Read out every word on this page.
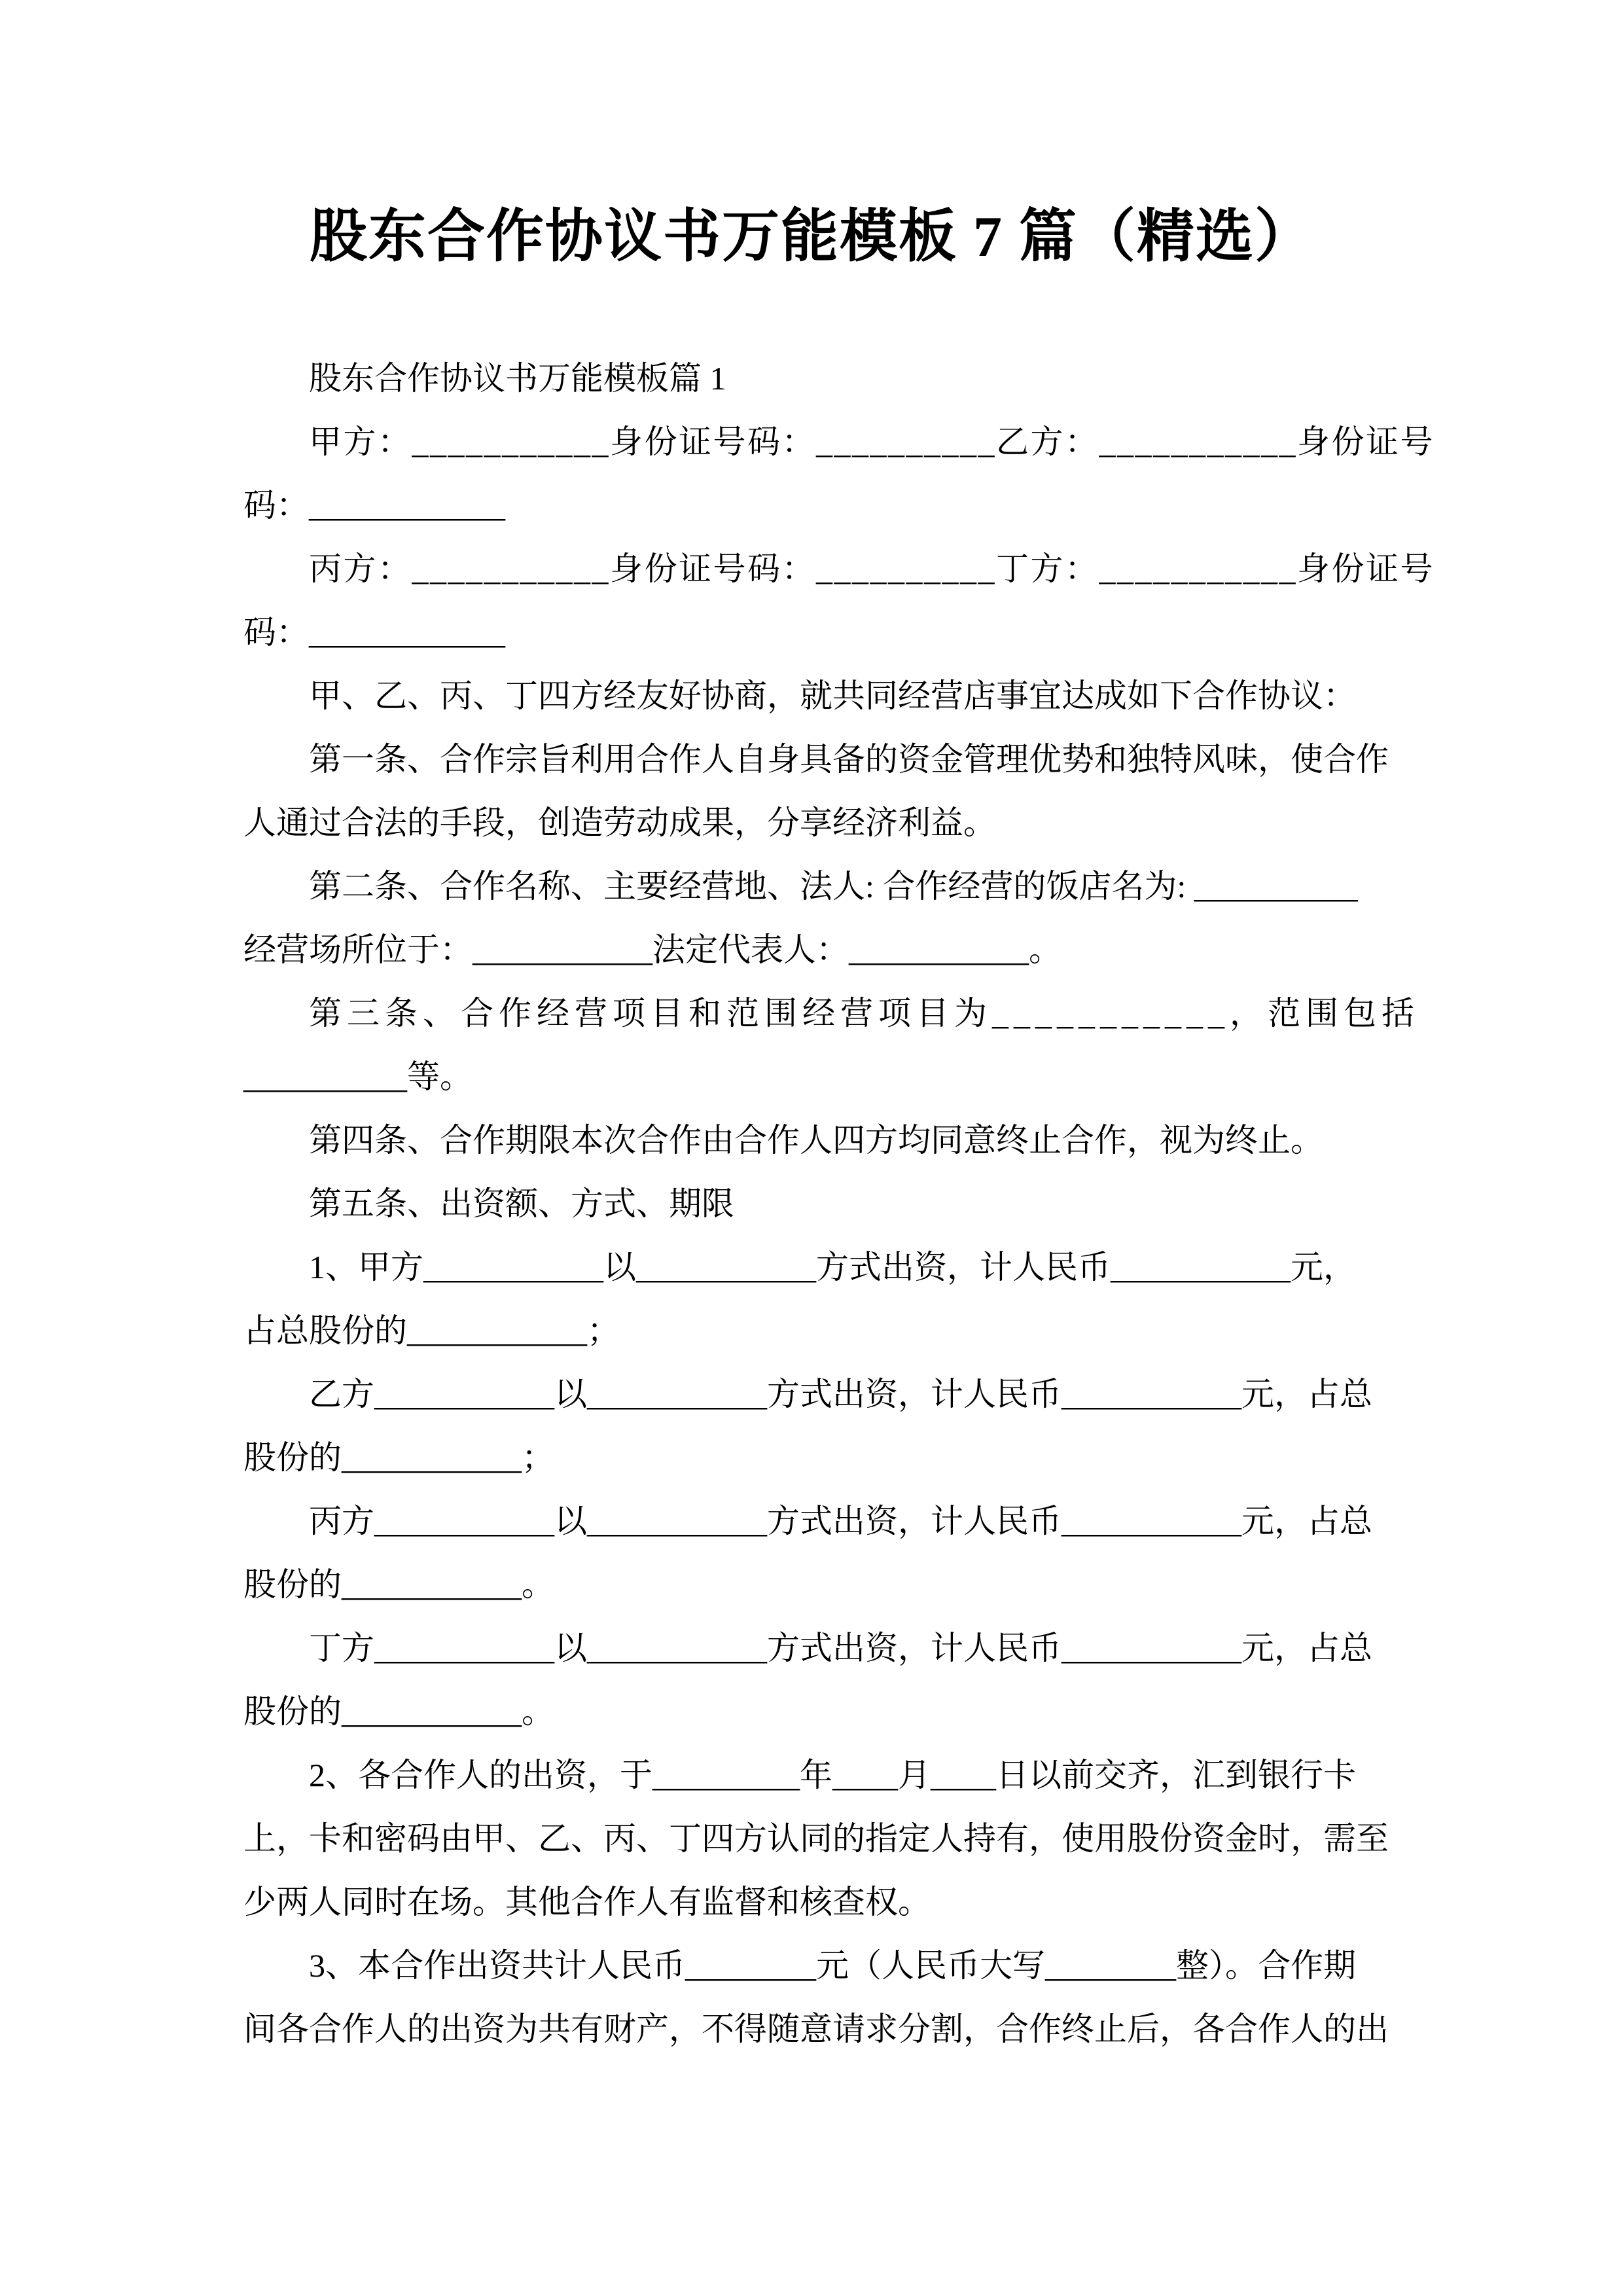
股东合作协议书万能模板 7 篇（精选）
股东合作协议书万能模板篇 1
甲方：___________身份证号码：__________乙方：___________身份证号
码：____________
丙方：___________身份证号码：__________丁方：___________身份证号
码：____________
甲、乙、丙、丁四方经友好协商，就共同经营店事宜达成如下合作协议：
第一条、合作宗旨利用合作人自身具备的资金管理优势和独特风味，使合作
人通过合法的手段，创造劳动成果，分享经济利益。
第二条、合作名称、主要经营地、法人: 合作经营的饭店名为: __________
经营场所位于：___________法定代表人：___________。
第三条、合作经营项目和范围经营项目为___________，范围包括
__________等。
第四条、合作期限本次合作由合作人四方均同意终止合作，视为终止。
第五条、出资额、方式、期限
1、甲方___________以___________方式出资，计人民币___________元，
占总股份的___________；
乙方___________以___________方式出资，计人民币___________元，占总
股份的___________；
丙方___________以___________方式出资，计人民币___________元，占总
股份的___________。
丁方___________以___________方式出资，计人民币___________元，占总
股份的___________。
2、各合作人的出资，于_________年____月____日以前交齐，汇到银行卡
上，卡和密码由甲、乙、丙、丁四方认同的指定人持有，使用股份资金时，需至
少两人同时在场。其他合作人有监督和核查权。
3、本合作出资共计人民币________元（人民币大写________整）。合作期
间各合作人的出资为共有财产，不得随意请求分割，合作终止后，各合作人的出
